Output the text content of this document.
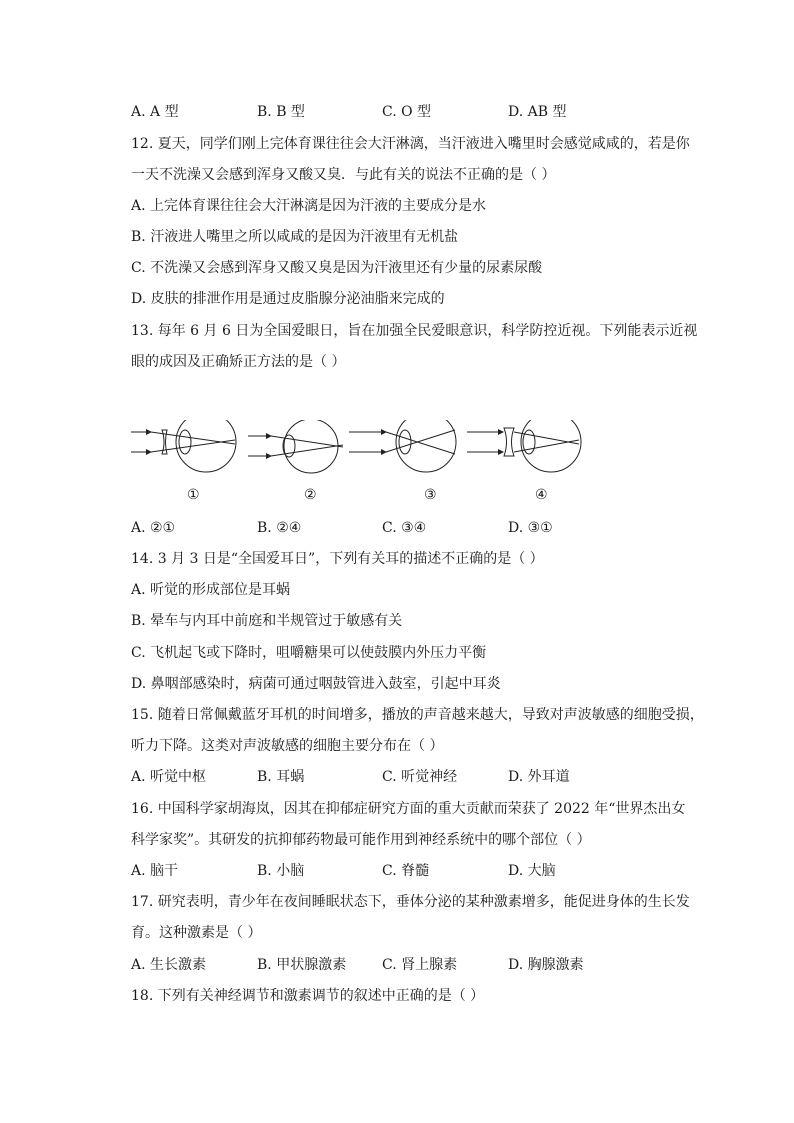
A. A 型	B. B 型	C. O 型	D. AB 型
12. 夏天，同学们刚上完体育课往往会大汗淋漓，当汗液进入嘴里时会感觉咸咸的，若是你
一天不洗澡又会感到浑身又酸又臭．与此有关的说法不正确的是（ ）
A. 上完体育课往往会大汗淋漓是因为汗液的主要成分是水
B. 汗液进人嘴里之所以咸咸的是因为汗液里有无机盐
C. 不洗澡又会感到浑身又酸又臭是因为汗液里还有少量的尿素尿酸
D. 皮肤的排泄作用是通过皮脂腺分泌油脂来完成的
13. 每年 6 月 6 日为全国爱眼日，旨在加强全民爱眼意识，科学防控近视。下列能表示近视
眼的成因及正确矫正方法的是（ ）
①	②	③	④
A. ②①	B. ②④	C. ③④	D. ③①
14. 3 月 3 日是“全国爱耳日”，下列有关耳的描述不正确的是（ ）
A. 听觉的形成部位是耳蜗
B. 晕车与内耳中前庭和半规管过于敏感有关
C. 飞机起飞或下降时，咀嚼糖果可以使鼓膜内外压力平衡
D. 鼻咽部感染时，病菌可通过咽鼓管进入鼓室，引起中耳炎
15. 随着日常佩戴蓝牙耳机的时间增多，播放的声音越来越大，导致对声波敏感的细胞受损，
听力下降。这类对声波敏感的细胞主要分布在（ ）
A. 听觉中枢	B. 耳蜗	C. 听觉神经	D. 外耳道
16. 中国科学家胡海岚，因其在抑郁症研究方面的重大贡献而荣获了 2022 年“世界杰出女
科学家奖”。其研发的抗抑郁药物最可能作用到神经系统中的哪个部位（ ）
A. 脑干	B. 小脑	C. 脊髓	D. 大脑
17. 研究表明，青少年在夜间睡眠状态下，垂体分泌的某种激素增多，能促进身体的生长发
育。这种激素是（ ）
A. 生长激素	B. 甲状腺激素	C. 肾上腺素	D. 胸腺激素
18. 下列有关神经调节和激素调节的叙述中正确的是（ ）
